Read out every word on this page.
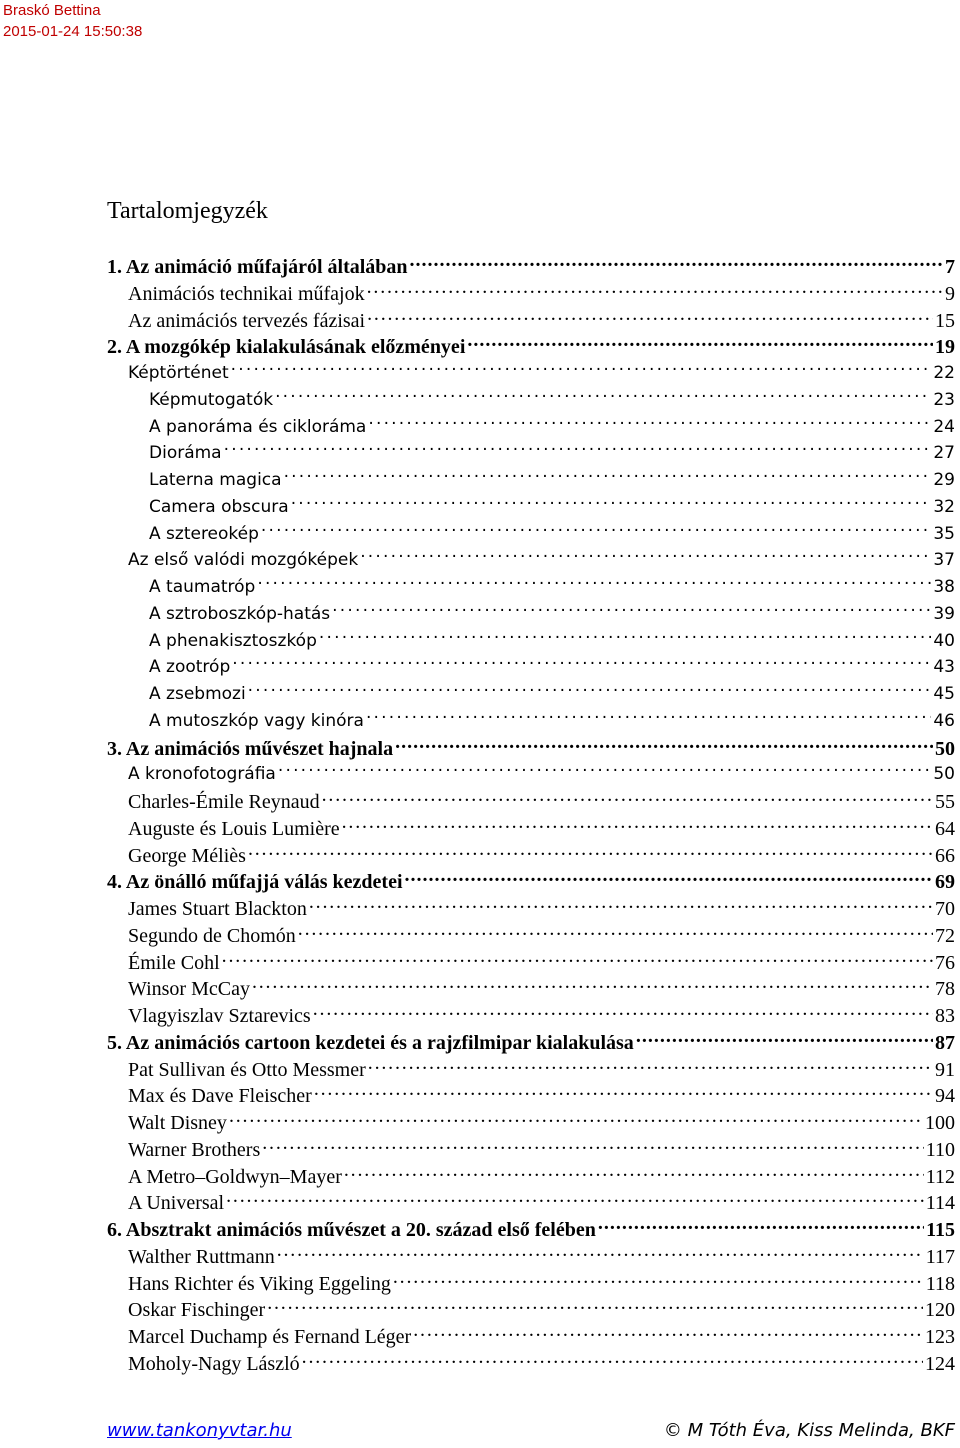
Braskó Bettina
2015-01-24 15:50:38
Tartalomjegyzék
1. Az animáció műfajáról általában . . .	7
Animációs technikai műfajok . . .	9
Az animációs tervezés fázisai . . .	15
2. A mozgókép kialakulásának előzményei . . .	19
Képtörténet . . .	22
Képmutogatók . . .	23
A panoráma és ciklorámа . . .	24
Dioráma . . .	27
Laterna magica . . .	29
Camera obscura . . .	32
A sztereokép . . .	35
Az első valódi mozgóképek . . .	37
A taumatróp . . .	38
A sztroboszkóp-hatás . . .	39
A phenakisztoszkóp . . .	40
A zootróp . . .	43
A zsebmozi . . .	45
A mutoszkóp vagy kinóra . . .	46
3. Az animációs művészet hajnala . . .	50
A kronofotográfia . . .	50
Charles-Émile Reynaud . . .	55
Auguste és Louis Lumière . . .	64
George Méliès . . .	66
4. Az önálló műfajjá válás kezdetei . . .	69
James Stuart Blackton . . .	70
Segundo de Chomón . . .	72
Émile Cohl . . .	76
Winsor McCay . . .	78
Vlagyiszlav Sztarevics . . .	83
5. Az animációs cartoon kezdetei és a rajzfilmipar kialakulása . . .	87
Pat Sullivan és Otto Messmer . . .	91
Max és Dave Fleischer . . .	94
Walt Disney . . .	100
Warner Brothers . . .	110
A Metro–Goldwyn–Mayer . . .	112
A Universal . . .	114
6. Absztrakt animációs művészet a 20. század első felében . . .	115
Walther Ruttmann . . .	117
Hans Richter és Viking Eggeling . . .	118
Oskar Fischinger . . .	120
Marcel Duchamp és Fernand Léger . . .	123
Moholy-Nagy László . . .	124
www.tankonyvtar.hu	© M Tóth Éva, Kiss Melinda, BKF
